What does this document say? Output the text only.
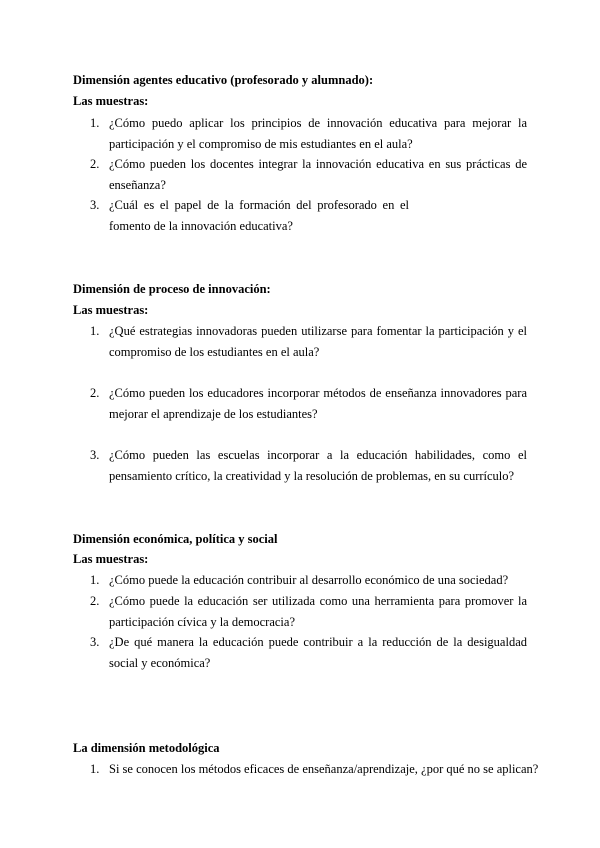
Dimensión agentes educativo (profesorado y alumnado):
Las muestras:
1. ¿Cómo puedo aplicar los principios de innovación educativa para mejorar la participación y el compromiso de mis estudiantes en el aula?
2. ¿Cómo pueden los docentes integrar la innovación educativa en sus prácticas de enseñanza?
3. ¿Cuál es el papel de la formación del profesorado en el fomento de la innovación educativa?
Dimensión de proceso de innovación:
Las muestras:
1. ¿Qué estrategias innovadoras pueden utilizarse para fomentar la participación y el compromiso de los estudiantes en el aula?
2. ¿Cómo pueden los educadores incorporar métodos de enseñanza innovadores para mejorar el aprendizaje de los estudiantes?
3. ¿Cómo pueden las escuelas incorporar a la educación habilidades, como el pensamiento crítico, la creatividad y la resolución de problemas, en su currículo?
Dimensión económica, política y social
Las muestras:
1. ¿Cómo puede la educación contribuir al desarrollo económico de una sociedad?
2. ¿Cómo puede la educación ser utilizada como una herramienta para promover la participación cívica y la democracia?
3. ¿De qué manera la educación puede contribuir a la reducción de la desigualdad social y económica?
La dimensión metodológica
1. Si se conocen los métodos eficaces de enseñanza/aprendizaje, ¿por qué no se aplican?
